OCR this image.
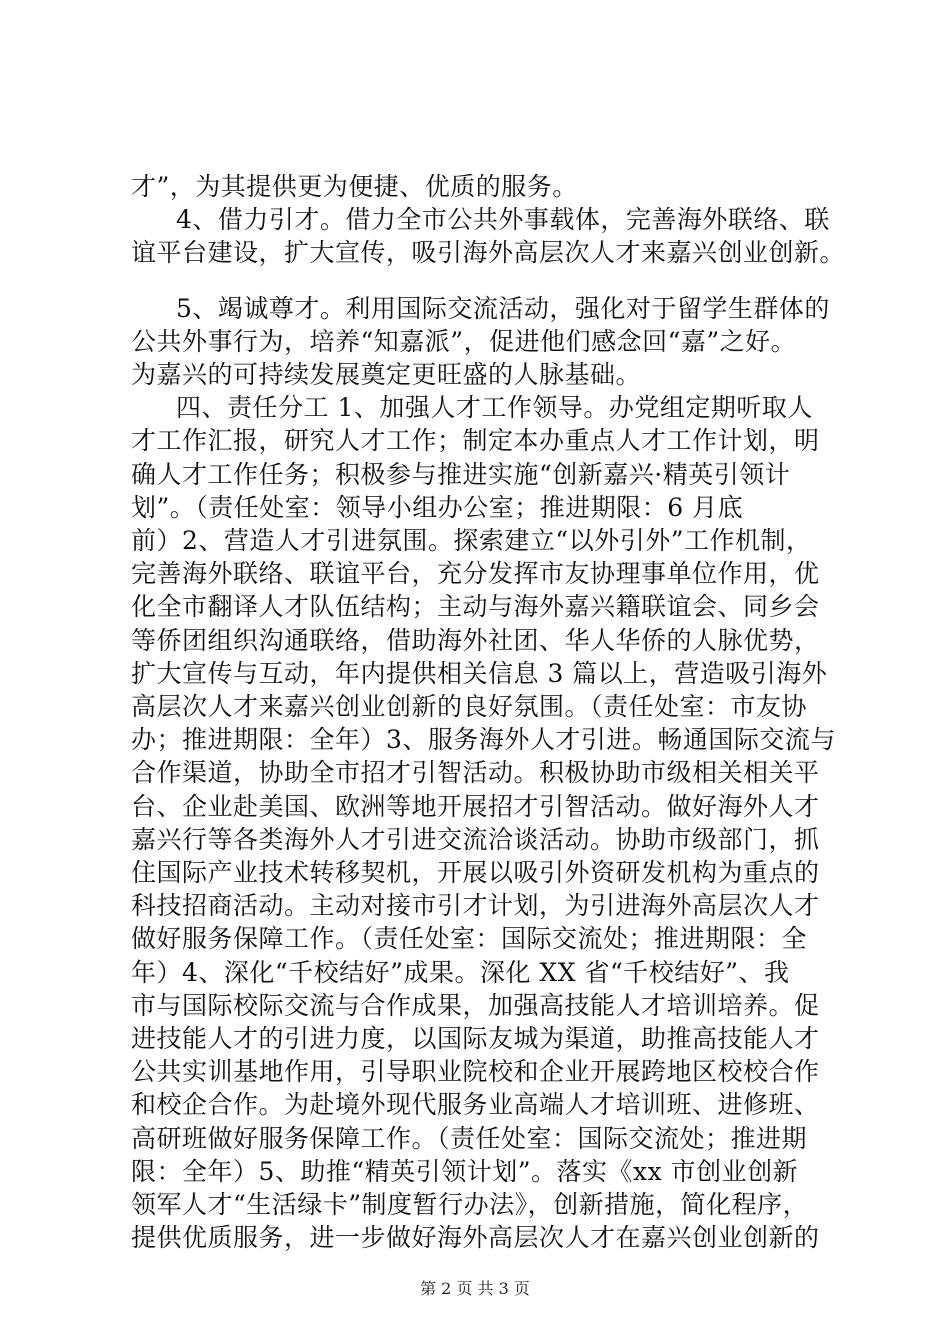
才”，为其提供更为便捷、优质的服务。
4、借力引才。借力全市公共外事载体，完善海外联络、联
谊平台建设，扩大宣传，吸引海外高层次人才来嘉兴创业创新。
5、竭诚尊才。利用国际交流活动，强化对于留学生群体的
公共外事行为，培养“知嘉派”，促进他们感念回“嘉”之好。
为嘉兴的可持续发展奠定更旺盛的人脉基础。
四、责任分工 1、加强人才工作领导。办党组定期听取人
才工作汇报，研究人才工作；制定本办重点人才工作计划，明
确人才工作任务；积极参与推进实施“创新嘉兴·精英引领计
划”。（责任处室：领导小组办公室；推进期限：6 月底
前）2、营造人才引进氛围。探索建立“以外引外”工作机制，
完善海外联络、联谊平台，充分发挥市友协理事单位作用，优
化全市翻译人才队伍结构；主动与海外嘉兴籍联谊会、同乡会
等侨团组织沟通联络，借助海外社团、华人华侨的人脉优势，
扩大宣传与互动，年内提供相关信息 3 篇以上，营造吸引海外
高层次人才来嘉兴创业创新的良好氛围。（责任处室：市友协
办；推进期限：全年）3、服务海外人才引进。畅通国际交流与
合作渠道，协助全市招才引智活动。积极协助市级相关相关平
台、企业赴美国、欧洲等地开展招才引智活动。做好海外人才
嘉兴行等各类海外人才引进交流洽谈活动。协助市级部门，抓
住国际产业技术转移契机，开展以吸引外资研发机构为重点的
科技招商活动。主动对接市引才计划，为引进海外高层次人才
做好服务保障工作。（责任处室：国际交流处；推进期限：全
年）4、深化“千校结好”成果。深化 XX 省“千校结好”、我
市与国际校际交流与合作成果，加强高技能人才培训培养。促
进技能人才的引进力度，以国际友城为渠道，助推高技能人才
公共实训基地作用，引导职业院校和企业开展跨地区校校合作
和校企合作。为赴境外现代服务业高端人才培训班、进修班、
高研班做好服务保障工作。（责任处室：国际交流处；推进期
限：全年）5、助推“精英引领计划”。落实《xx 市创业创新
领军人才“生活绿卡”制度暂行办法》，创新措施，简化程序，
第 2 页 共 3 页
提供优质服务，进一步做好海外高层次人才在嘉兴创业创新的
